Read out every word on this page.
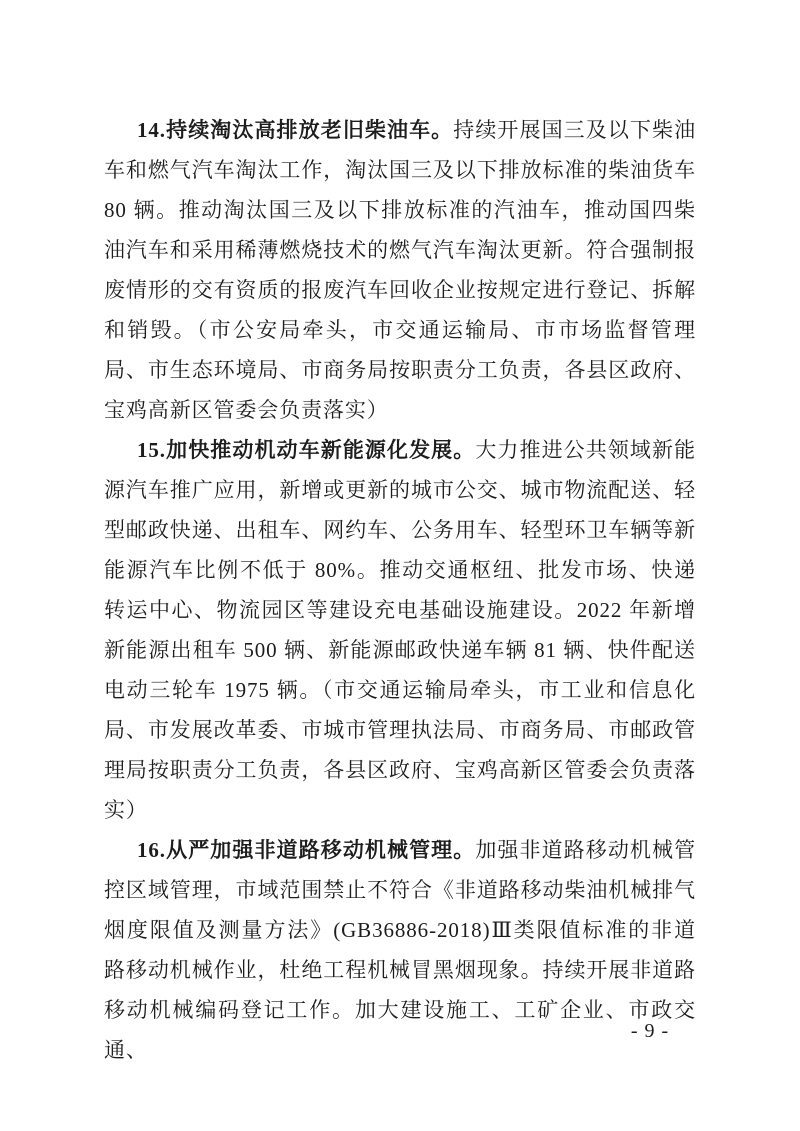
14.持续淘汰高排放老旧柴油车。持续开展国三及以下柴油车和燃气汽车淘汰工作，淘汰国三及以下排放标准的柴油货车 80 辆。推动淘汰国三及以下排放标准的汽油车，推动国四柴油汽车和采用稀薄燃烧技术的燃气汽车淘汰更新。符合强制报废情形的交有资质的报废汽车回收企业按规定进行登记、拆解和销毁。（市公安局牵头，市交通运输局、市市场监督管理局、市生态环境局、市商务局按职责分工负责，各县区政府、宝鸡高新区管委会负责落实）

15.加快推动机动车新能源化发展。大力推进公共领域新能源汽车推广应用，新增或更新的城市公交、城市物流配送、轻型邮政快递、出租车、网约车、公务用车、轻型环卫车辆等新能源汽车比例不低于 80%。推动交通枢纽、批发市场、快递转运中心、物流园区等建设充电基础设施建设。2022 年新增新能源出租车 500 辆、新能源邮政快递车辆 81 辆、快件配送电动三轮车 1975 辆。（市交通运输局牵头，市工业和信息化局、市发展改革委、市城市管理执法局、市商务局、市邮政管理局按职责分工负责，各县区政府、宝鸡高新区管委会负责落实）

16.从严加强非道路移动机械管理。加强非道路移动机械管控区域管理，市域范围禁止不符合《非道路移动柴油机械排气烟度限值及测量方法》(GB36886-2018)Ⅲ类限值标准的非道路移动机械作业，杜绝工程机械冒黑烟现象。持续开展非道路移动机械编码登记工作。加大建设施工、工矿企业、市政交通、

- 9 -
